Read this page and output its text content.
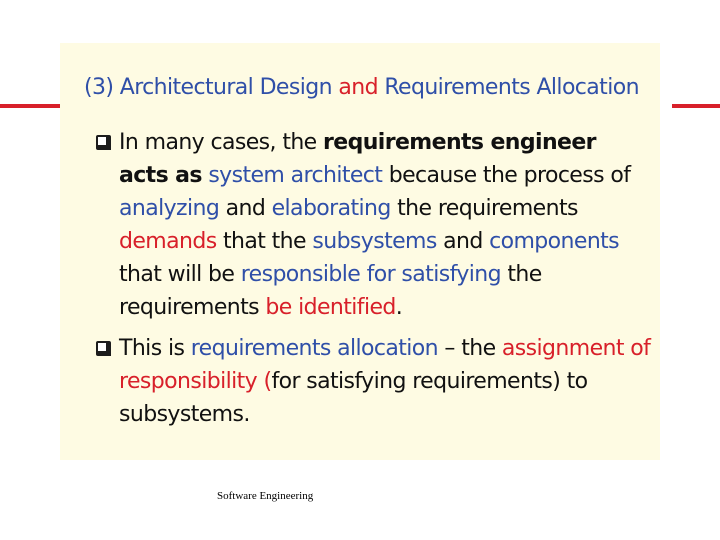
(3) Architectural Design and Requirements Allocation
In many cases, the requirements engineer
acts as system architect because the process of
analyzing and elaborating the requirements
demands that the subsystems and components
that will be responsible for satisfying the
requirements be identified.
This is requirements allocation – the assignment of
responsibility (for satisfying requirements) to
subsystems.
Software Engineering
